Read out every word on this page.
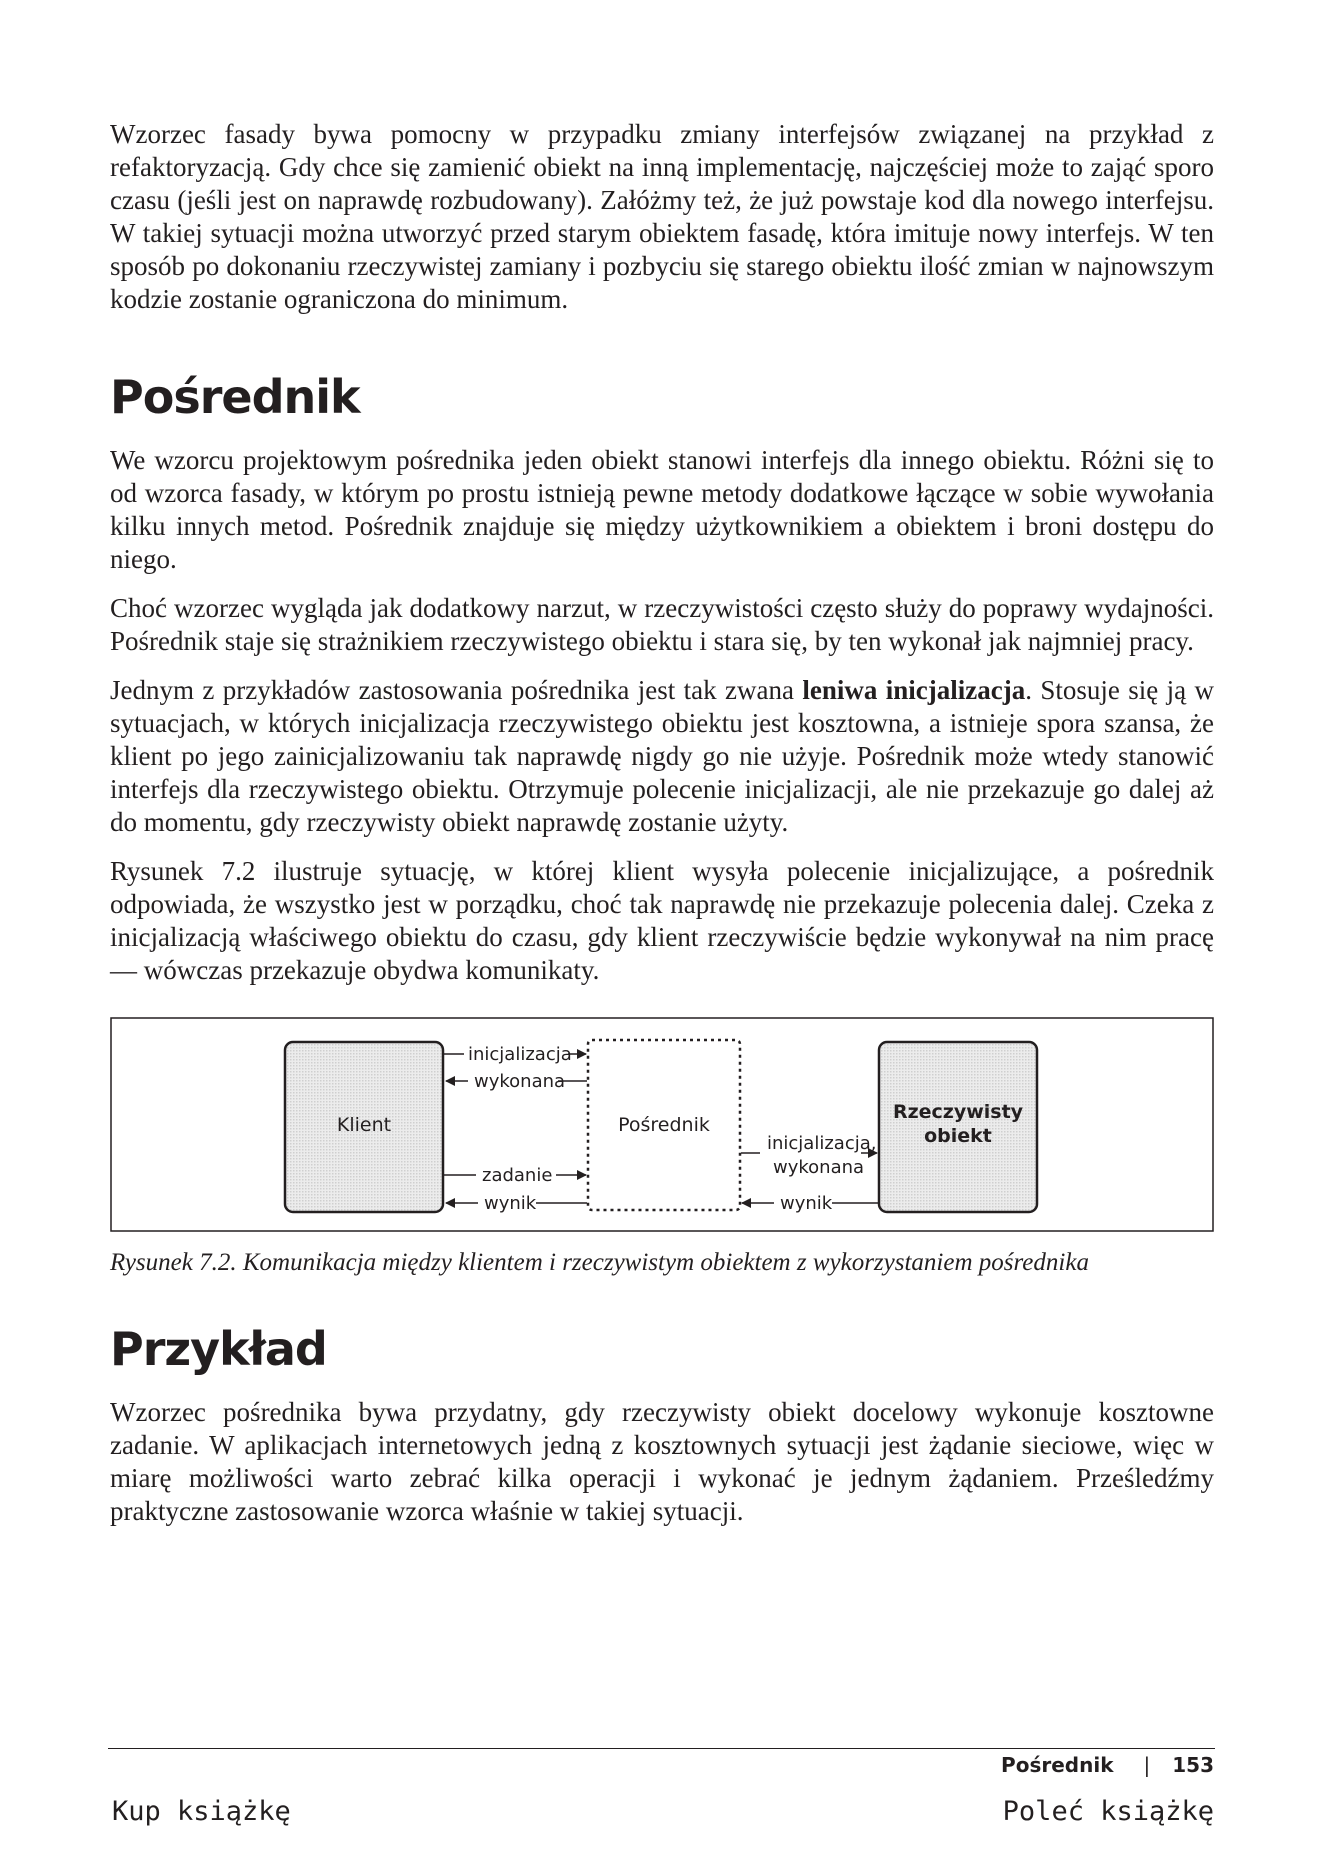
Wzorzec fasady bywa pomocny w przypadku zmiany interfejsów związanej na przykład z refaktoryzacją. Gdy chce się zamienić obiekt na inną implementację, najczęściej może to zająć sporo czasu (jeśli jest on naprawdę rozbudowany). Załóżmy też, że już powstaje kod dla nowego interfejsu. W takiej sytuacji można utworzyć przed starym obiektem fasadę, która imituje nowy interfejs. W ten sposób po dokonaniu rzeczywistej zamiany i pozbyciu się starego obiektu ilość zmian w najnowszym kodzie zostanie ograniczona do minimum.

Pośrednik

We wzorcu projektowym pośrednika jeden obiekt stanowi interfejs dla innego obiektu. Różni się to od wzorca fasady, w którym po prostu istnieją pewne metody dodatkowe łączące w sobie wywołania kilku innych metod. Pośrednik znajduje się między użytkownikiem a obiektem i broni dostępu do niego.

Choć wzorzec wygląda jak dodatkowy narzut, w rzeczywistości często służy do poprawy wydajności. Pośrednik staje się strażnikiem rzeczywistego obiektu i stara się, by ten wykonał jak najmniej pracy.

Jednym z przykładów zastosowania pośrednika jest tak zwana leniwa inicjalizacja. Stosuje się ją w sytuacjach, w których inicjalizacja rzeczywistego obiektu jest kosztowna, a istnieje spora szansa, że klient po jego zainicjalizowaniu tak naprawdę nigdy go nie użyje. Pośrednik może wtedy stanowić interfejs dla rzeczywistego obiektu. Otrzymuje polecenie inicjalizacji, ale nie przekazuje go dalej aż do momentu, gdy rzeczywisty obiekt naprawdę zostanie użyty.

Rysunek 7.2 ilustruje sytuację, w której klient wysyła polecenie inicjalizujące, a pośrednik odpowiada, że wszystko jest w porządku, choć tak naprawdę nie przekazuje polecenia dalej. Czeka z inicjalizacją właściwego obiektu do czasu, gdy klient rzeczywiście będzie wykonywał na nim pracę — wówczas przekazuje obydwa komunikaty.

Klient	Pośrednik
Rzeczywisty
obiekt
inicjalizacja
wykonana
zadanie
wynik
inicjalizacja,
wykonana
wynik
Rysunek 7.2. Komunikacja między klientem i rzeczywistym obiektem z wykorzystaniem pośrednika
Przykład

Wzorzec pośrednika bywa przydatny, gdy rzeczywisty obiekt docelowy wykonuje kosztowne zadanie. W aplikacjach internetowych jedną z kosztownych sytuacji jest żądanie sieciowe, więc w miarę możliwości warto zebrać kilka operacji i wykonać je jednym żądaniem. Prześledźmy praktyczne zastosowanie wzorca właśnie w takiej sytuacji.

Pośrednik | 153
Kup książkę	Poleć książkę
